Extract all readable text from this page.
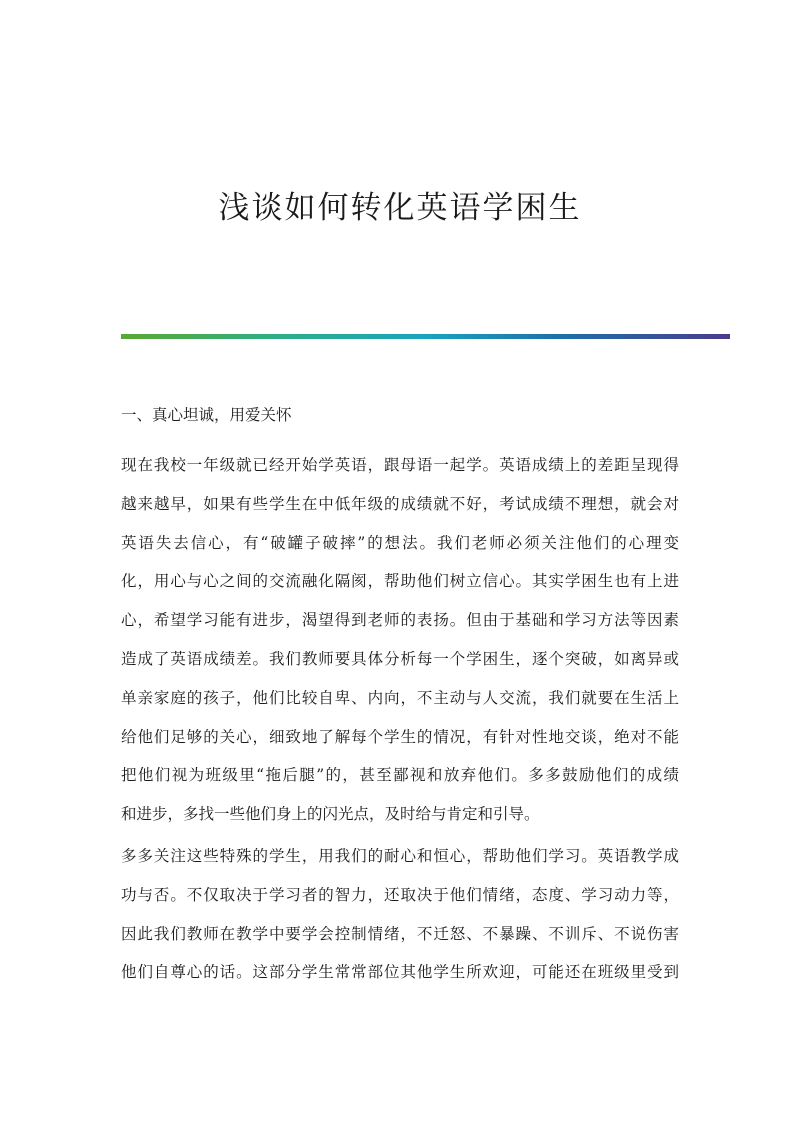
浅谈如何转化英语学困生
一、真心坦诚，用爱关怀
现在我校一年级就已经开始学英语，跟母语一起学。英语成绩上的差距呈现得
越来越早，如果有些学生在中低年级的成绩就不好，考试成绩不理想，就会对
英语失去信心，有“破罐子破摔”的想法。我们老师必须关注他们的心理变
化，用心与心之间的交流融化隔阂，帮助他们树立信心。其实学困生也有上进
心，希望学习能有进步，渴望得到老师的表扬。但由于基础和学习方法等因素
造成了英语成绩差。我们教师要具体分析每一个学困生，逐个突破，如离异或
单亲家庭的孩子，他们比较自卑、内向，不主动与人交流，我们就要在生活上
给他们足够的关心，细致地了解每个学生的情况，有针对性地交谈，绝对不能
把他们视为班级里“拖后腿”的，甚至鄙视和放弃他们。多多鼓励他们的成绩
和进步，多找一些他们身上的闪光点，及时给与肯定和引导。
多多关注这些特殊的学生，用我们的耐心和恒心，帮助他们学习。英语教学成
功与否。不仅取决于学习者的智力，还取决于他们情绪，态度、学习动力等，
因此我们教师在教学中要学会控制情绪，不迁怒、不暴躁、不训斥、不说伤害
他们自尊心的话。这部分学生常常部位其他学生所欢迎，可能还在班级里受到
